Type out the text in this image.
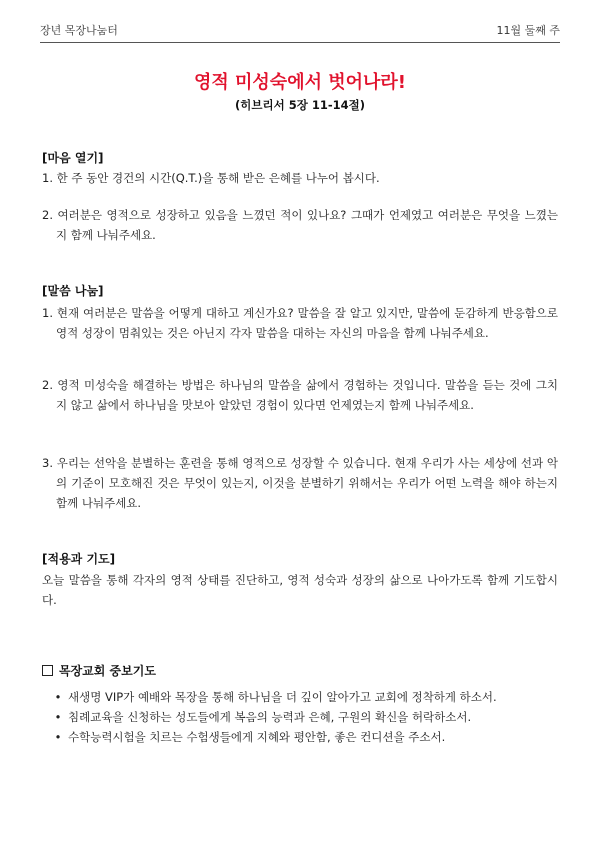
장년 목장나눔터	11월 둘째 주
영적 미성숙에서 벗어나라!
(히브리서 5장 11-14절)
[마음 열기]
1. 한 주 동안 경건의 시간(Q.T.)을 통해 받은 은혜를 나누어 봅시다.
2. 여러분은 영적으로 성장하고 있음을 느꼈던 적이 있나요? 그때가 언제였고 여러분은 무엇을 느꼈는지 함께 나눠주세요.
[말씀 나눔]
1. 현재 여러분은 말씀을 어떻게 대하고 계신가요? 말씀을 잘 알고 있지만, 말씀에 둔감하게 반응함으로 영적 성장이 멈춰있는 것은 아닌지 각자 말씀을 대하는 자신의 마음을 함께 나눠주세요.
2. 영적 미성숙을 해결하는 방법은 하나님의 말씀을 삶에서 경험하는 것입니다. 말씀을 듣는 것에 그치지 않고 삶에서 하나님을 맛보아 알았던 경험이 있다면 언제였는지 함께 나눠주세요.
3. 우리는 선악을 분별하는 훈련을 통해 영적으로 성장할 수 있습니다. 현재 우리가 사는 세상에 선과 악의 기준이 모호해진 것은 무엇이 있는지, 이것을 분별하기 위해서는 우리가 어떤 노력을 해야 하는지 함께 나눠주세요.
[적용과 기도]
오늘 말씀을 통해 각자의 영적 상태를 진단하고, 영적 성숙과 성장의 삶으로 나아가도록 함께 기도합시다.
목장교회 중보기도
• 새생명 VIP가 예배와 목장을 통해 하나님을 더 깊이 알아가고 교회에 정착하게 하소서.
• 침례교육을 신청하는 성도들에게 복음의 능력과 은혜, 구원의 확신을 허락하소서.
• 수학능력시험을 치르는 수험생들에게 지혜와 평안함, 좋은 컨디션을 주소서.
